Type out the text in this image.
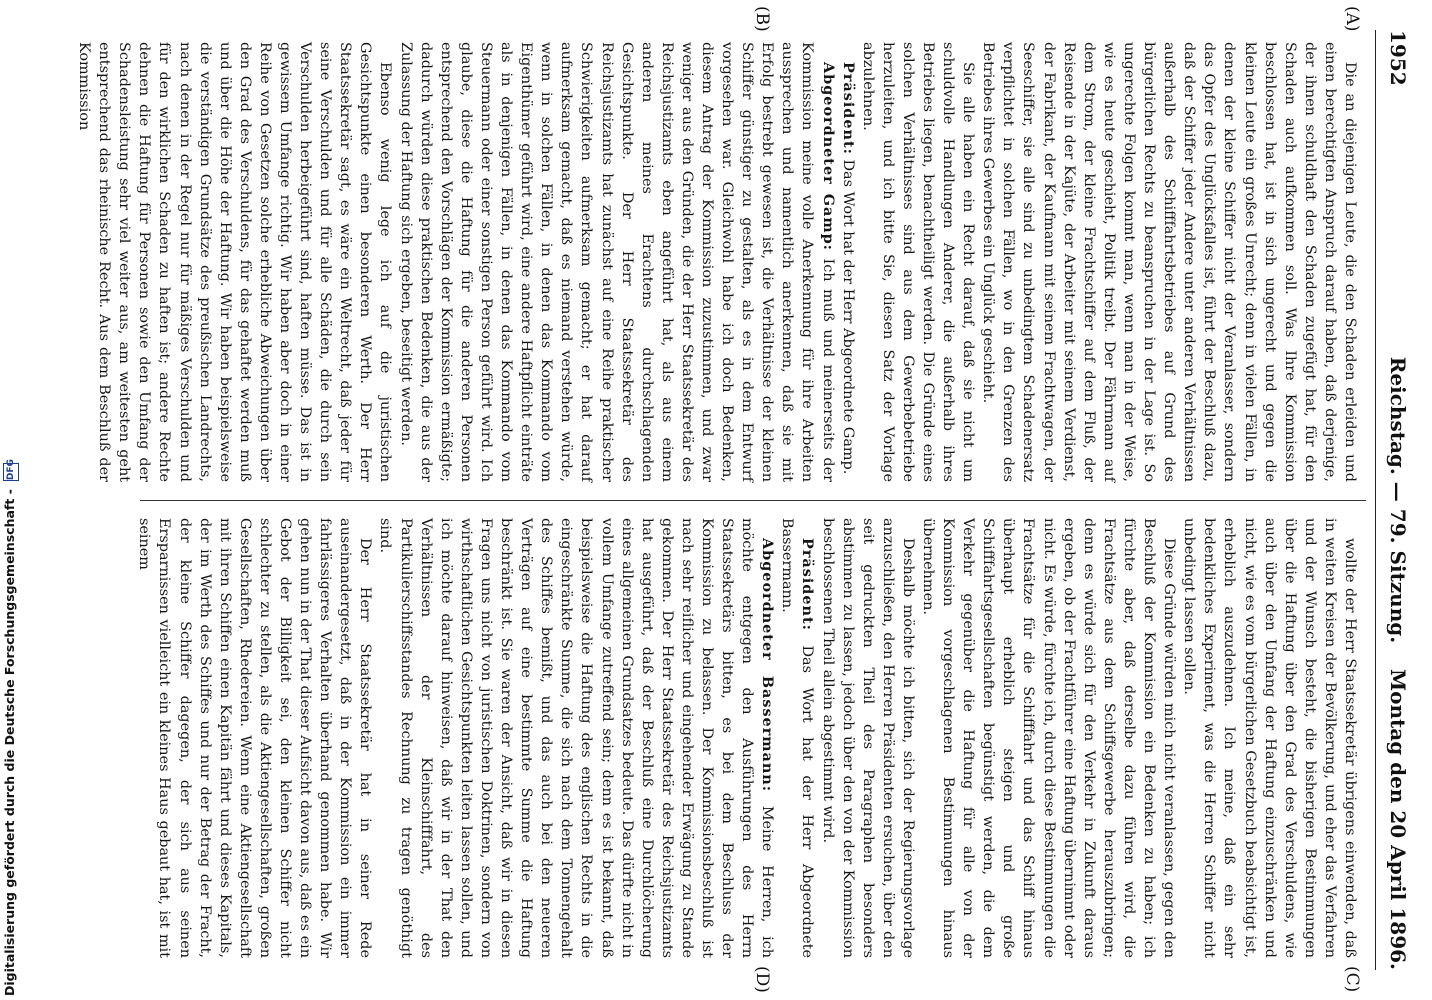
Reichstag. — 79. Sitzung.
1952
Montag den 20 April 1896.
(A)
(B)
(C)
(D)

Die an diejenigen Leute, die den Schaden erleiden und einen berechtigten Anspruch darauf haben, daß derjenige, der ihnen schuldhaft den Schaden zugefügt hat, für den Schaden auch aufkommen soll. Was Ihre Kommission beschlossen hat, ist in sich ungerecht und gegen die kleinen Leute ein großes Unrecht; denn in vielen Fällen, in denen der kleine Schiffer nicht der Veranlasser, sondern das Opfer des Unglücksfalles ist, führt der Beschluß dazu, daß der Schiffer jeder Andere unter anderen Verhältnissen außerhalb des Schifffahrtsbetriebes auf Grund des bürgerlichen Rechts zu beanspruchen in der Lage ist. So ungerechte Folgen kommt man, wenn man in der Weise, wie es heute geschieht, Politik treibt. Der Fährmann auf dem Strom, der kleine Frachtschiffer auf dem Fluß, der Reisende in der Kajüte, der Arbeiter mit seinem Verdienst, der Fabrikant, der Kaufmann mit seinem Frachtwagen, der Seeschiffer, sie alle sind zu unbedingtem Schadenersatz verpflichtet in solchen Fällen, wo in den Grenzen des Betriebes ihres Gewerbes ein Unglück geschieht.

Sie alle haben ein Recht darauf, daß sie nicht um schuldvolle Handlungen Anderer, die außerhalb ihres Betriebes liegen, benachtheiligt werden. Die Gründe eines solchen Verhältnisses sind aus dem Gewerbebetriebe herzuleiten, und ich bitte Sie, diesen Satz der Vorlage abzulehnen.

Präsident: Das Wort hat der Herr Abgeordnete Gamp.

Abgeordneter Gamp: Ich muß und meinerseits der Kommission meine volle Anerkennung für ihre Arbeiten aussprechen und namentlich anerkennen, daß sie mit Erfolg bestrebt gewesen ist, die Verhältnisse der kleinen Schiffer günstiger zu gestalten, als es in dem Entwurf vorgesehen war. Gleichwohl habe ich doch Bedenken, diesem Antrag der Kommission zuzustimmen, und zwar weniger aus den Gründen, die der Herr Staatssekretär des Reichsjustizamts eben angeführt hat, als aus einem anderen meines Erachtens durchschlagenden Gesichtspunkte. Der Herr Staatssekretär des Reichsjustizamts hat zunächst auf eine Reihe praktischer Schwierigkeiten aufmerksam gemacht; er hat darauf aufmerksam gemacht, daß es niemand verstehen würde, wenn in solchen Fällen, in denen das Kommando vom Eigenthümer geführt wird, eine andere Haftpflicht einträte als in denjenigen Fällen, in denen das Kommando vom Steuermann oder einer sonstigen Person geführt wird. Ich glaube, diese die Haftung für die anderen Personen entsprechend den Vorschlägen der Kommission ermäßigte; dadurch würden diese praktischen Bedenken, die aus der Zulassung der Haftung sich ergeben, beseitigt werden.

Ebenso wenig lege ich auf die juristischen Gesichtspunkte einen besonderen Werth. Der Herr Staatssekretär sagt, es wäre ein Weltrecht, daß jeder für seine Verschulden und für alle Schäden, die durch sein Verschulden herbeigeführt sind, haften müsse. Das ist in gewissem Umfange richtig. Wir haben aber doch in einer Reihe von Gesetzen solche erhebliche Abweichungen über den Grad des Verschuldens, für das gehaftet werden muß und über die Höhe der Haftung. Wir haben beispielsweise die verständigen Grundsätze des preußischen Landrechts, nach denen in der Regel nur für mäßiges Verschulden und für den wirklichen Schaden zu haften ist; andere Rechte dehnen die Haftung für Personen sowie den Umfang der Schadensleistung sehr viel weiter aus, am weitesten geht entsprechend das rheinische Recht. Aus dem Beschluß der Kommission

wollte der Herr Staatssekretär übrigens einwenden, daß in weiten Kreisen der Bevölkerung, und eher das Verfahren und der Wunsch besteht, die bisherigen Bestimmungen über die Haftung über den Grad des Verschuldens, wie auch über den Umfang der Haftung einzuschränken und nicht, wie es vom bürgerlichen Gesetzbuch beabsichtigt ist, erheblich auszudehnen. Ich meine, daß ein sehr bedenkliches Experiment, was die Herren Schiffer nicht unbedingt lassen sollen.

Diese Gründe würden mich nicht veranlassen, gegen den Beschluß der Kommission ein Bedenken zu haben; ich fürchte aber, daß derselbe dazu führen wird, die Frachtsätze aus dem Schiffsgewerbe herauszubringen; denn es würde sich für den Verkehr in Zukunft daraus ergeben, ob der Frachtführer eine Haftung übernimmt oder nicht. Es würde, fürchte ich, durch diese Bestimmungen die Frachtsätze für die Schifffahrt und das Schiff hinaus überhaupt erheblich steigen und große Schifffahrtsgesellschaften begünstigt werden, die dem Verkehr gegenüber die Haftung für alle von der Kommission vorgeschlagenen Bestimmungen hinaus übernehmen.

Deshalb möchte ich bitten, sich der Regierungsvorlage anzuschließen, den Herren Präsidenten ersuchen, über den seit gedruckten Theil des Paragraphen besonders abstimmen zu lassen, jedoch über den von der Kommission beschlossenen Theil allein abgestimmt wird.

Präsident: Das Wort hat der Herr Abgeordnete Bassermann.

Abgeordneter Bassermann: Meine Herren, ich möchte entgegen den Ausführungen des Herrn Staatssekretärs bitten, es bei dem Beschluss der Kommission zu belassen. Der Kommissionsbeschluß ist nach sehr reiflicher und eingehender Erwägung zu Stande gekommen. Der Herr Staatssekretär des Reichsjustizamts hat ausgeführt, daß der Beschluß eine Durchlöcherung eines allgemeinen Grundsatzes bedeute. Das dürfte nicht in vollem Umfange zutreffend sein; denn es ist bekannt, daß beispielsweise die Haftung des englischen Rechts in die eingeschränkte Summe, die sich nach dem Tonnengehalt des Schiffes bemißt, und das auch bei den neueren Verträgen auf eine bestimmte Summe die Haftung beschränkt ist. Sie waren der Ansicht, daß wir in diesen Fragen uns nicht von juristischen Doktrinen, sondern von wirthschaftlichen Gesichtspunkten leiten lassen sollen, und ich möchte darauf hinweisen, daß wir in der That den Verhältnissen der Kleinschifffahrt, des Partikulierschiffsstandes Rechnung zu tragen genöthigt sind.

Der Herr Staatssekretär hat in seiner Rede auseinandergesetzt, daß in der Kommission ein immer fahrlässigeres Verhalten überhand genommen habe. Wir gehen nun in der That dieser Aufsicht davon aus, daß es ein Gebot der Billigkeit sei, den kleinen Schiffer nicht schlechter zu stellen, als die Aktiengesellschaften, großen Gesellschaften, Rhedereien. Wenn eine Aktiengesellschaft mit ihren Schiffen einen Kapitän fährt und dieses Kapitals, der im Werth des Schiffes und nur der Betrag der Fracht, der kleine Schiffer dagegen, der sich aus seinen Ersparnissen vielleicht ein kleines Haus gebaut hat, ist mit seinem

Digitalisierung gefördert durch die Deutsche Forschungsgemeinschaft -DFG
